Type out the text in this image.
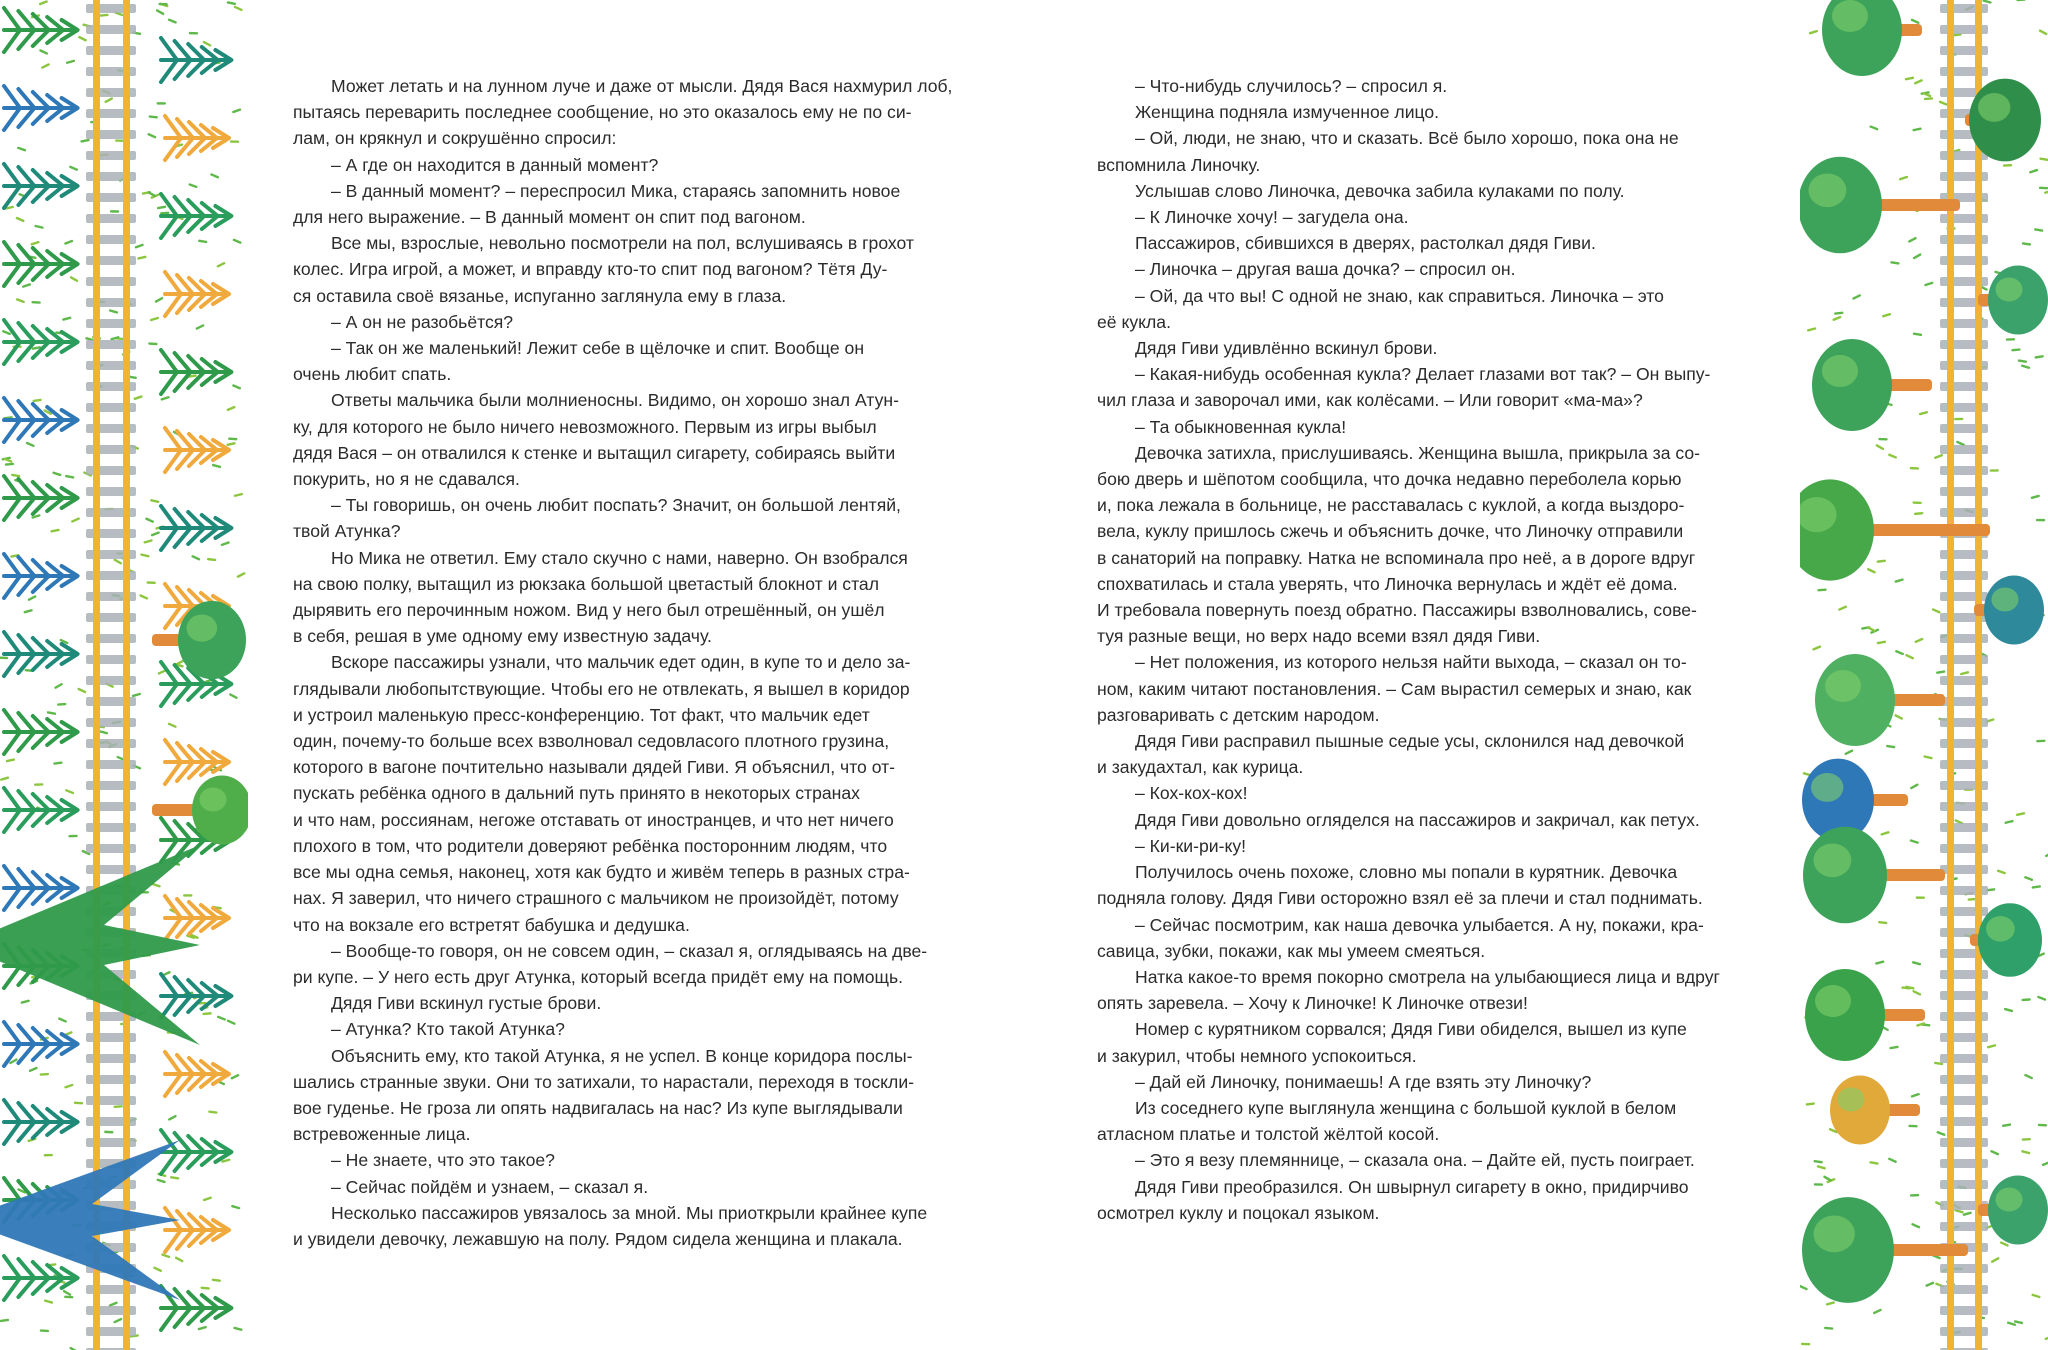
Может летать и на лунном луче и даже от мысли. Дядя Вася нахмурил лоб,
пытаясь переварить последнее сообщение, но это оказалось ему не по си-
лам, он крякнул и сокрушённо спросил:

– А где он находится в данный момент?

– В данный момент? – переспросил Мика, стараясь запомнить новое
для него выражение. – В данный момент он спит под вагоном.

Все мы, взрослые, невольно посмотрели на пол, вслушиваясь в грохот
колес. Игра игрой, а может, и вправду кто-то спит под вагоном? Тётя Ду-
ся оставила своё вязанье, испуганно заглянула ему в глаза.

– А он не разобьётся?

– Так он же маленький! Лежит себе в щёлочке и спит. Вообще он
очень любит спать.

Ответы мальчика были молниеносны. Видимо, он хорошо знал Атун-
ку, для которого не было ничего невозможного. Первым из игры выбыл
дядя Вася – он отвалился к стенке и вытащил сигарету, собираясь выйти
покурить, но я не сдавался.

– Ты говоришь, он очень любит поспать? Значит, он большой лентяй,
твой Атунка?

Но Мика не ответил. Ему стало скучно с нами, наверно. Он взобрался
на свою полку, вытащил из рюкзака большой цветастый блокнот и стал
дырявить его перочинным ножом. Вид у него был отрешённый, он ушёл
в себя, решая в уме одному ему известную задачу.

Вскоре пассажиры узнали, что мальчик едет один, в купе то и дело за-
глядывали любопытствующие. Чтобы его не отвлекать, я вышел в коридор
и устроил маленькую пресс-конференцию. Тот факт, что мальчик едет
один, почему-то больше всех взволновал седовласого плотного грузина,
которого в вагоне почтительно называли дядей Гиви. Я объяснил, что от-
пускать ребёнка одного в дальний путь принято в некоторых странах
и что нам, россиянам, негоже отставать от иностранцев, и что нет ничего
плохого в том, что родители доверяют ребёнка посторонним людям, что
все мы одна семья, наконец, хотя как будто и живём теперь в разных стра-
нах. Я заверил, что ничего страшного с мальчиком не произойдёт, потому
что на вокзале его встретят бабушка и дедушка.

– Вообще-то говоря, он не совсем один, – сказал я, оглядываясь на две-
ри купе. – У него есть друг Атунка, который всегда придёт ему на помощь.

Дядя Гиви вскинул густые брови.

– Атунка? Кто такой Атунка?

Объяснить ему, кто такой Атунка, я не успел. В конце коридора послы-
шались странные звуки. Они то затихали, то нарастали, переходя в тоскли-
вое гуденье. Не гроза ли опять надвигалась на нас? Из купе выглядывали
встревоженные лица.

– Не знаете, что это такое?

– Сейчас пойдём и узнаем, – сказал я.

Несколько пассажиров увязалось за мной. Мы приоткрыли крайнее купе
и увидели девочку, лежавшую на полу. Рядом сидела женщина и плакала.

– Что-нибудь случилось? – спросил я.

Женщина подняла измученное лицо.

– Ой, люди, не знаю, что и сказать. Всё было хорошо, пока она не
вспомнила Линочку.

Услышав слово Линочка, девочка забила кулаками по полу.

– К Линочке хочу! – загудела она.

Пассажиров, сбившихся в дверях, растолкал дядя Гиви.

– Линочка – другая ваша дочка? – спросил он.

– Ой, да что вы! С одной не знаю, как справиться. Линочка – это
её кукла.

Дядя Гиви удивлённо вскинул брови.

– Какая-нибудь особенная кукла? Делает глазами вот так? – Он выпу-
чил глаза и заворочал ими, как колёсами. – Или говорит «ма-ма»?

– Та обыкновенная кукла!

Девочка затихла, прислушиваясь. Женщина вышла, прикрыла за со-
бою дверь и шёпотом сообщила, что дочка недавно переболела корью
и, пока лежала в больнице, не расставалась с куклой, а когда выздоро-
вела, куклу пришлось сжечь и объяснить дочке, что Линочку отправили
в санаторий на поправку. Натка не вспоминала про неё, а в дороге вдруг
спохватилась и стала уверять, что Линочка вернулась и ждёт её дома.
И требовала повернуть поезд обратно. Пассажиры взволновались, сове-
туя разные вещи, но верх надо всеми взял дядя Гиви.

– Нет положения, из которого нельзя найти выхода, – сказал он то-
ном, каким читают постановления. – Сам вырастил семерых и знаю, как
разговаривать с детским народом.

Дядя Гиви расправил пышные седые усы, склонился над девочкой
и закудахтал, как курица.

– Кох-кох-кох!

Дядя Гиви довольно огляделся на пассажиров и закричал, как петух.

– Ки-ки-ри-ку!

Получилось очень похоже, словно мы попали в курятник. Девочка
подняла голову. Дядя Гиви осторожно взял её за плечи и стал поднимать.

– Сейчас посмотрим, как наша девочка улыбается. А ну, покажи, кра-
савица, зубки, покажи, как мы умеем смеяться.

Натка какое-то время покорно смотрела на улыбающиеся лица и вдруг
опять заревела. – Хочу к Линочке! К Линочке отвези!

Номер с курятником сорвался; Дядя Гиви обиделся, вышел из купе
и закурил, чтобы немного успокоиться.

– Дай ей Линочку, понимаешь! А где взять эту Линочку?

Из соседнего купе выглянула женщина с большой куклой в белом
атласном платье и толстой жёлтой косой.

– Это я везу племяннице, – сказала она. – Дайте ей, пусть поиграет.

Дядя Гиви преобразился. Он швырнул сигарету в окно, придирчиво
осмотрел куклу и поцокал языком.
